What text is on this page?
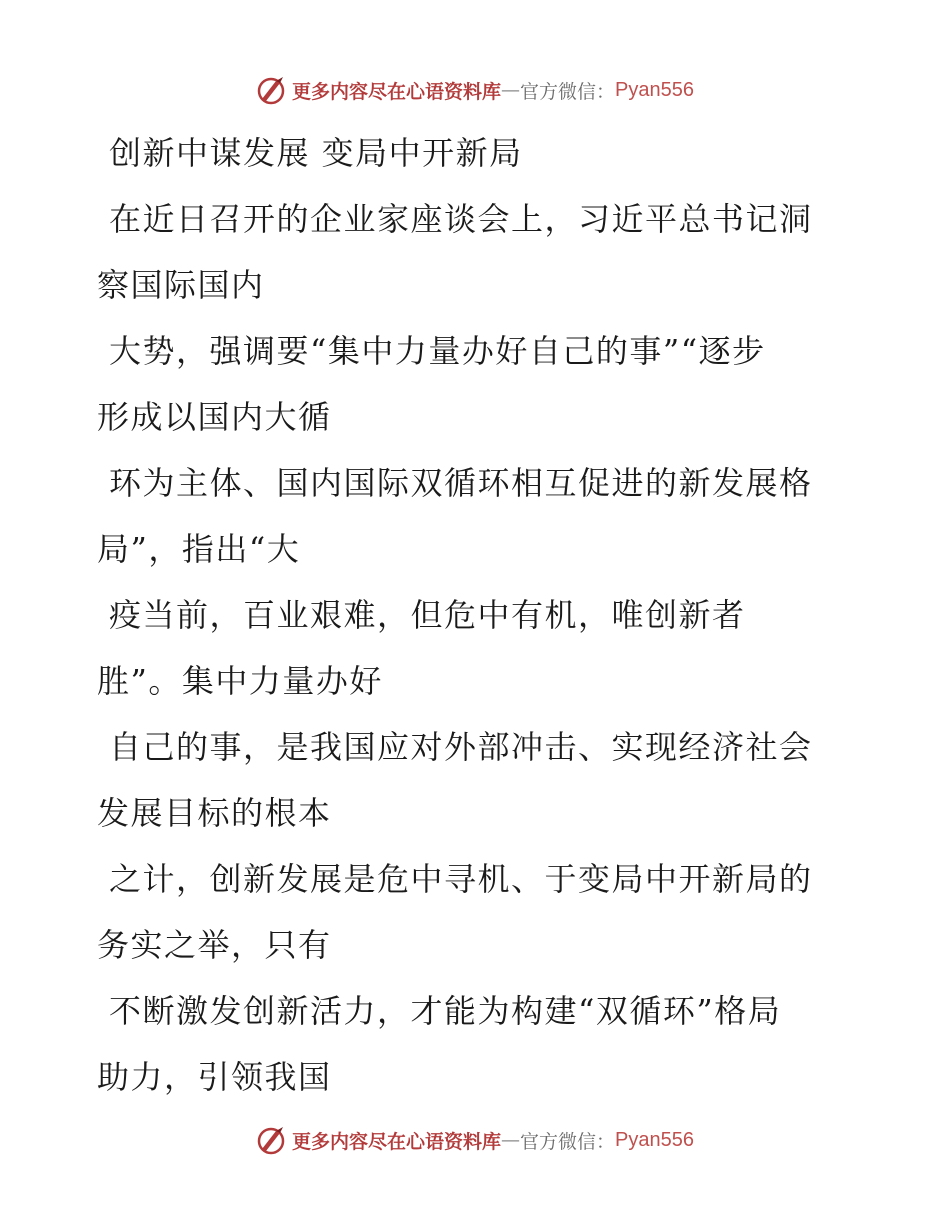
更多内容尽在心语资料库 — 官方微信： Pyan556

创新中谋发展 变局中开新局

在近日召开的企业家座谈会上，习近平总书记洞
察国际国内

大势，强调要“集中力量办好自己的事”“逐步
形成以国内大循

环为主体、国内国际双循环相互促进的新发展格
局”，指出“大

疫当前，百业艰难，但危中有机，唯创新者
胜”。集中力量办好

自己的事，是我国应对外部冲击、实现经济社会
发展目标的根本

之计，创新发展是危中寻机、于变局中开新局的
务实之举，只有

不断激发创新活力，才能为构建“双循环”格局
助力，引领我国

更多内容尽在心语资料库 — 官方微信： Pyan556
